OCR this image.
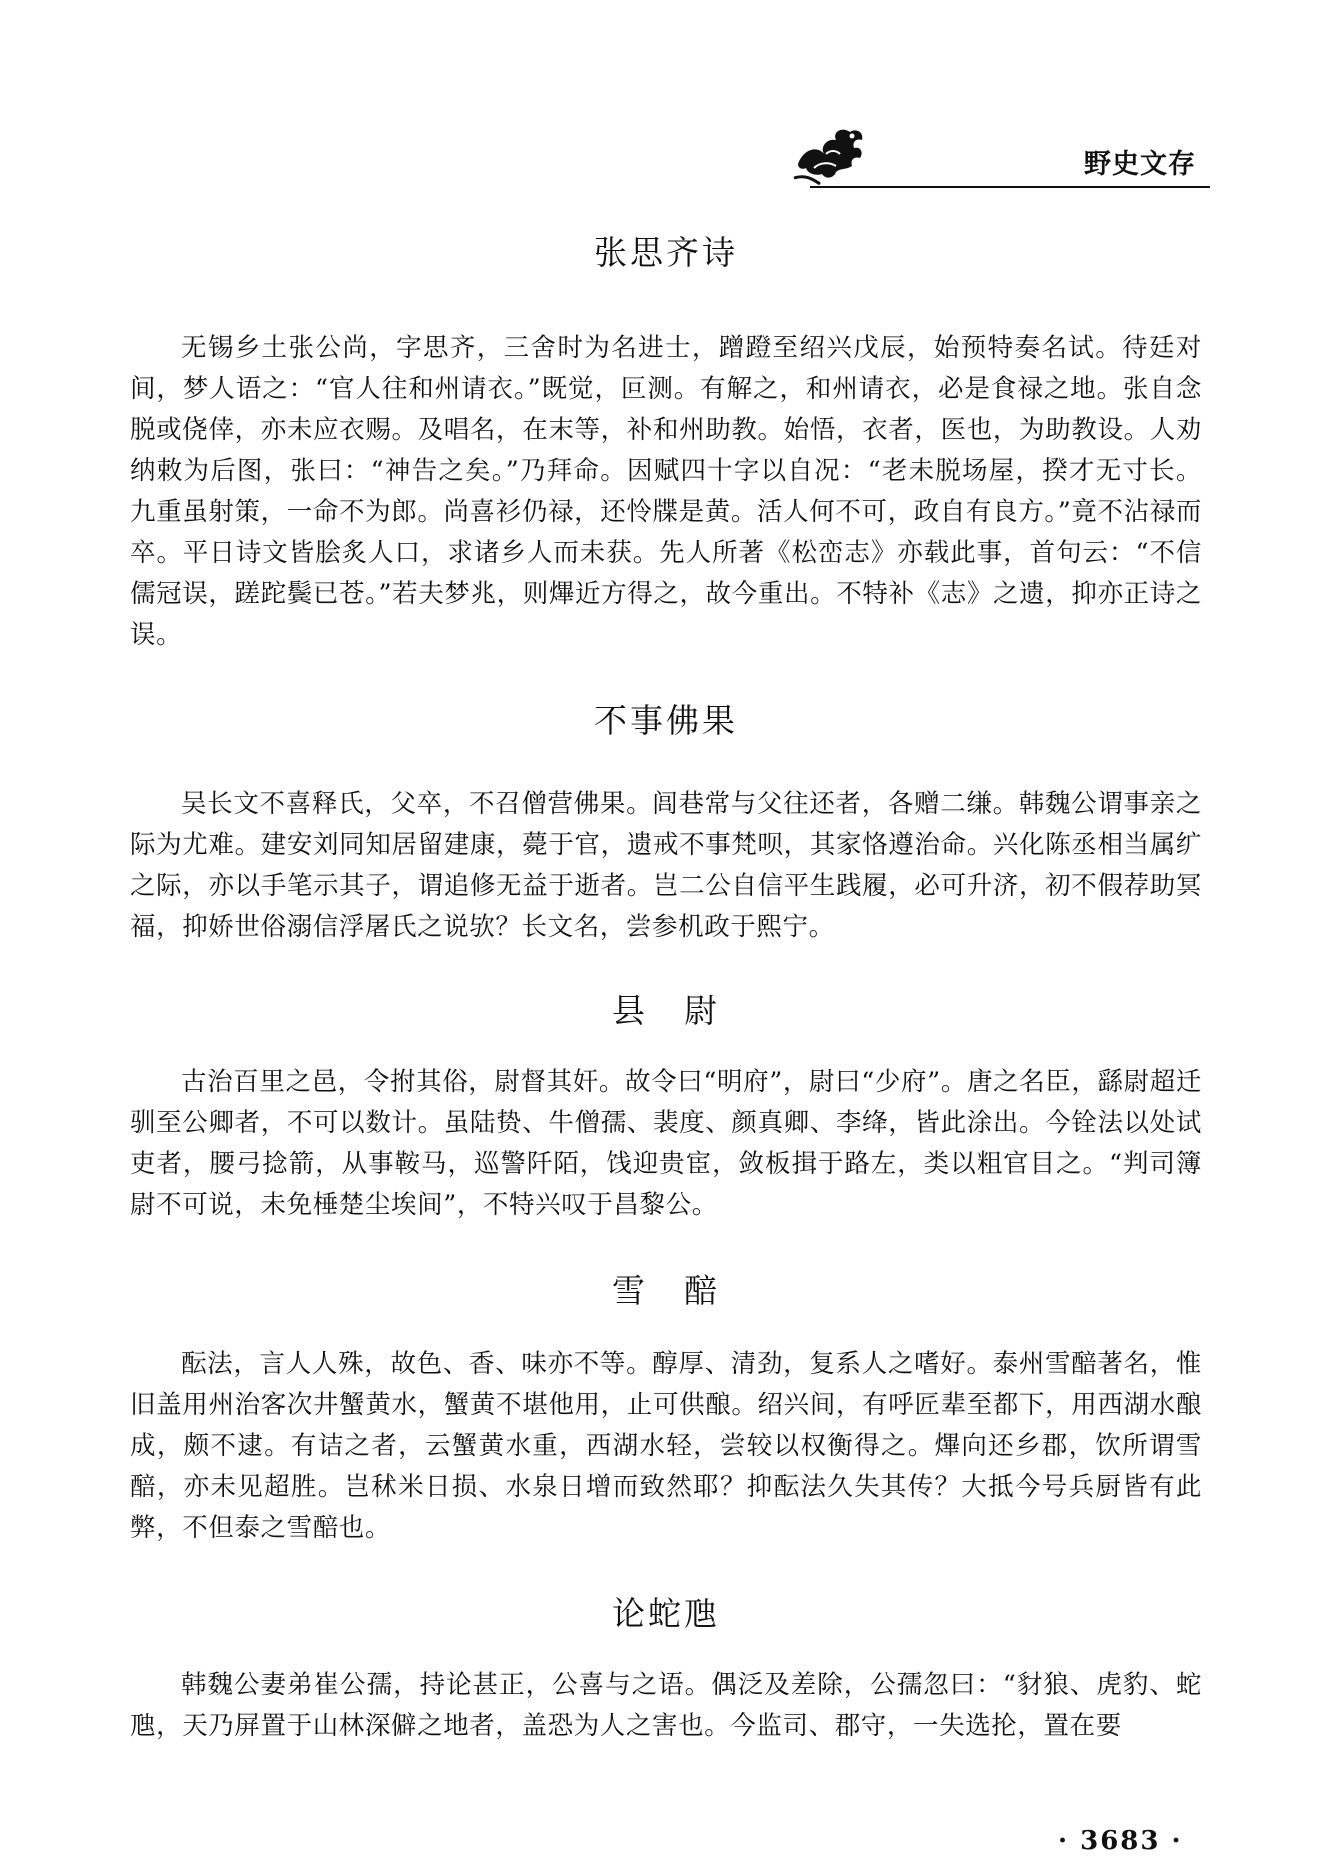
野史文存
张思齐诗

无锡乡土张公尚，字思齐，三舍时为名进士，蹭蹬至绍兴戊辰，始预特奏名试。待廷对间，梦人语之：“官人往和州请衣。”既觉，叵测。有解之，和州请衣，必是食禄之地。张自念脱或侥倖，亦未应衣赐。及唱名，在末等，补和州助教。始悟，衣者，医也，为助教设。人劝纳敕为后图，张曰：“神告之矣。”乃拜命。因赋四十字以自况：“老未脱场屋，揆才无寸长。九重虽射策，一命不为郎。尚喜衫仍禄，还怜牒是黄。活人何不可，政自有良方。”竟不沾禄而卒。平日诗文皆脍炙人口，求诸乡人而未获。先人所著《松峦志》亦载此事，首句云：“不信儒冠误，蹉跎鬓已苍。”若夫梦兆，则熚近方得之，故今重出。不特补《志》之遗，抑亦正诗之误。

不事佛果

吴长文不喜释氏，父卒，不召僧营佛果。闾巷常与父往还者，各赠二缣。韩魏公谓事亲之际为尤难。建安刘同知居留建康，薨于官，遗戒不事梵呗，其家恪遵治命。兴化陈丞相当属纩之际，亦以手笔示其子，谓追修无益于逝者。岂二公自信平生践履，必可升济，初不假荐助冥福，抑娇世俗溺信浮屠氏之说欤？长文名，尝参机政于熙宁。

县　尉

古治百里之邑，令拊其俗，尉督其奸。故令曰“明府”，尉曰“少府”。唐之名臣，繇尉超迁驯至公卿者，不可以数计。虽陆贽、牛僧孺、裴度、颜真卿、李绛，皆此涂出。今铨法以处试吏者，腰弓捻箭，从事鞍马，巡警阡陌，饯迎贵宦，敛板揖于路左，类以粗官目之。“判司簿尉不可说，未免棰楚尘埃间”，不特兴叹于昌黎公。

雪　醅

酝法，言人人殊，故色、香、味亦不等。醇厚、清劲，复系人之嗜好。泰州雪醅著名，惟旧盖用州治客次井蟹黄水，蟹黄不堪他用，止可供酿。绍兴间，有呼匠辈至都下，用西湖水酿成，颇不逮。有诘之者，云蟹黄水重，西湖水轻，尝较以权衡得之。熚向还乡郡，饮所谓雪醅，亦未见超胜。岂秫米日损、水泉日增而致然耶？抑酝法久失其传？大抵今号兵厨皆有此弊，不但泰之雪醅也。

论蛇虺

韩魏公妻弟崔公孺，持论甚正，公喜与之语。偶泛及差除，公孺忽曰：“豺狼、虎豹、蛇虺，天乃屏置于山林深僻之地者，盖恐为人之害也。今监司、郡守，一失选抡，置在要

· 3683 ·
